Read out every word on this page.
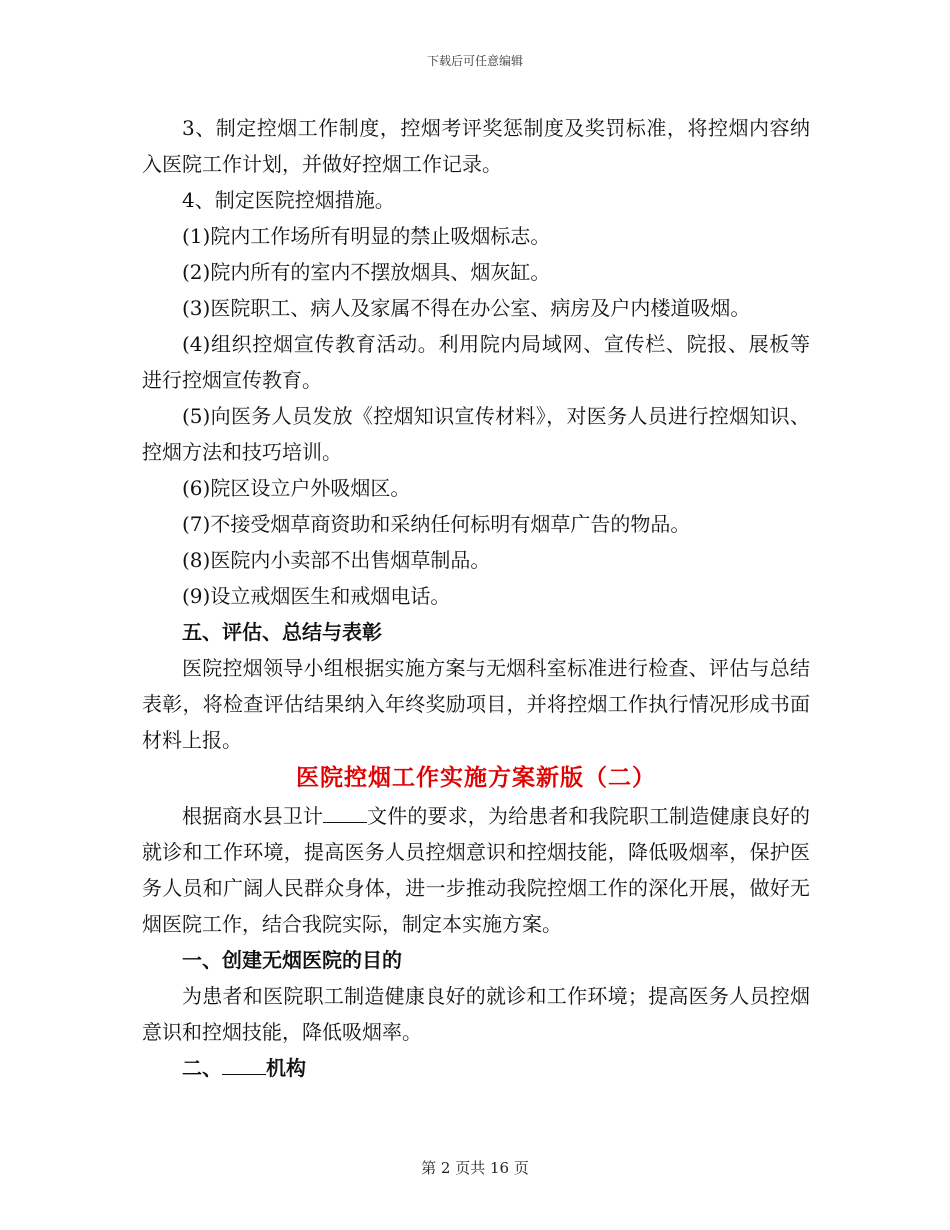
下载后可任意编辑

3、制定控烟工作制度，控烟考评奖惩制度及奖罚标准，将控烟内容纳入医院工作计划，并做好控烟工作记录。

4、制定医院控烟措施。

(1)院内工作场所有明显的禁止吸烟标志。

(2)院内所有的室内不摆放烟具、烟灰缸。

(3)医院职工、病人及家属不得在办公室、病房及户内楼道吸烟。

(4)组织控烟宣传教育活动。利用院内局域网、宣传栏、院报、展板等进行控烟宣传教育。

(5)向医务人员发放《控烟知识宣传材料》，对医务人员进行控烟知识、控烟方法和技巧培训。

(6)院区设立户外吸烟区。

(7)不接受烟草商资助和采纳任何标明有烟草广告的物品。

(8)医院内小卖部不出售烟草制品。

(9)设立戒烟医生和戒烟电话。

五、评估、总结与表彰

医院控烟领导小组根据实施方案与无烟科室标准进行检查、评估与总结表彰，将检查评估结果纳入年终奖励项目，并将控烟工作执行情况形成书面材料上报。

医院控烟工作实施方案新版（二）

根据商水县卫计 文件的要求，为给患者和我院职工制造健康良好的就诊和工作环境，提高医务人员控烟意识和控烟技能，降低吸烟率，保护医务人员和广阔人民群众身体，进一步推动我院控烟工作的深化开展，做好无烟医院工作，结合我院实际，制定本实施方案。

一、创建无烟医院的目的

为患者和医院职工制造健康良好的就诊和工作环境；提高医务人员控烟意识和控烟技能，降低吸烟率。

二、 机构

第 2 页共 16 页
